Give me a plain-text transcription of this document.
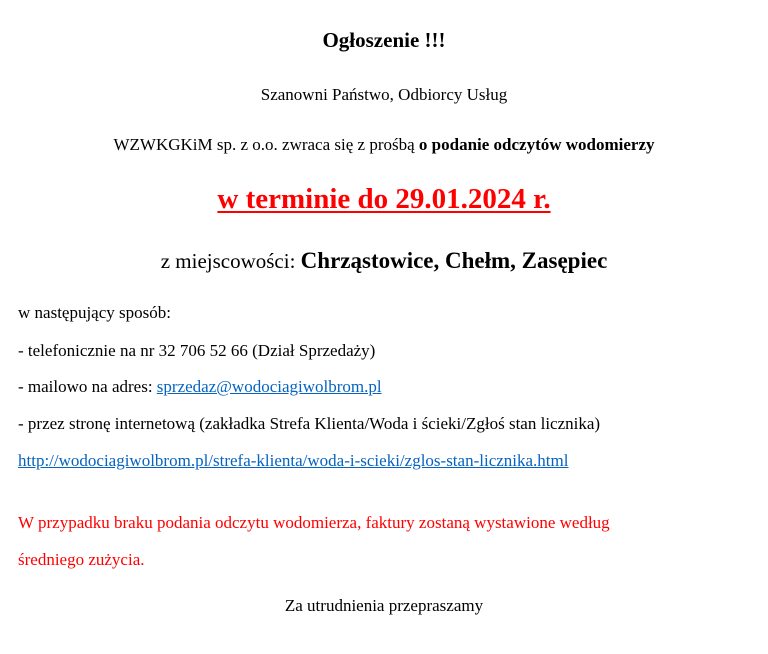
Ogłoszenie !!!
Szanowni Państwo, Odbiorcy Usług
WZWKGKiM sp. z o.o. zwraca się z prośbą o podanie odczytów wodomierzy
w terminie do 29.01.2024 r.
z miejscowości: Chrząstowice, Chełm, Zasępiec
w następujący sposób:
- telefonicznie na nr 32 706 52 66 (Dział Sprzedaży)
- mailowo na adres: sprzedaz@wodociagiwolbrom.pl
- przez stronę internetową (zakładka Strefa Klienta/Woda i ścieki/Zgłoś stan licznika)
http://wodociagiwolbrom.pl/strefa-klienta/woda-i-scieki/zglos-stan-licznika.html
W przypadku braku podania odczytu wodomierza, faktury zostaną wystawione według
średniego zużycia.
Za utrudnienia przepraszamy
